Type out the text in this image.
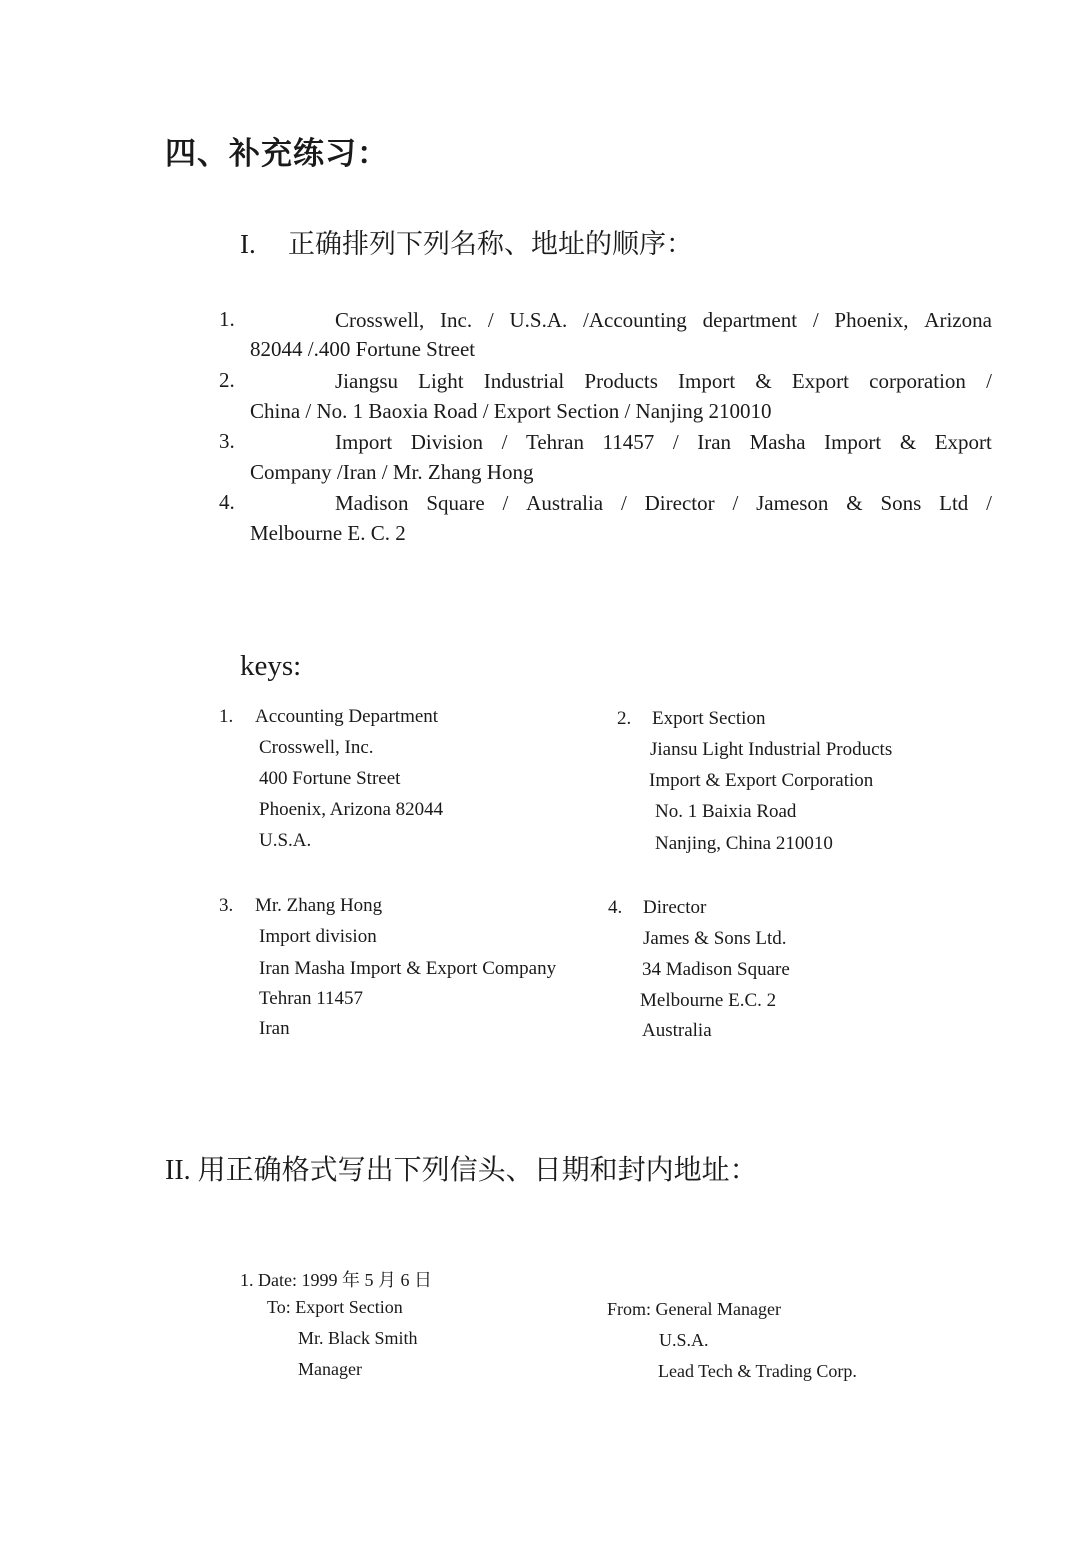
四、补充练习：
I. 正确排列下列名称、地址的顺序：
1.	Crosswell, Inc. / U.S.A. /Accounting department / Phoenix, Arizona
82044 /.400 Fortune Street
2.	Jiangsu Light Industrial Products Import & Export corporation /
China / No. 1 Baoxia Road / Export Section / Nanjing 210010
3.	Import Division / Tehran 11457 / Iran Masha Import & Export
Company /Iran / Mr. Zhang Hong
4.	Madison Square / Australia / Director / Jameson & Sons Ltd /
Melbourne E. C. 2
keys:
1. Accounting Department
Crosswell, Inc.
400 Fortune Street
Phoenix, Arizona 82044
U.S.A.
2. Export Section
Jiansu Light Industrial Products
Import & Export Corporation
No. 1 Baixia Road
Nanjing, China 210010
3. Mr. Zhang Hong
Import division
Iran Masha Import & Export Company
Tehran 11457
Iran
4. Director
James & Sons Ltd.
34 Madison Square
Melbourne E.C. 2
Australia
II. 用正确格式写出下列信头、日期和封内地址：
1. Date: 1999 年 5 月 6 日
To: Export Section
Mr. Black Smith
Manager
From: General Manager
U.S.A.
Lead Tech & Trading Corp.
